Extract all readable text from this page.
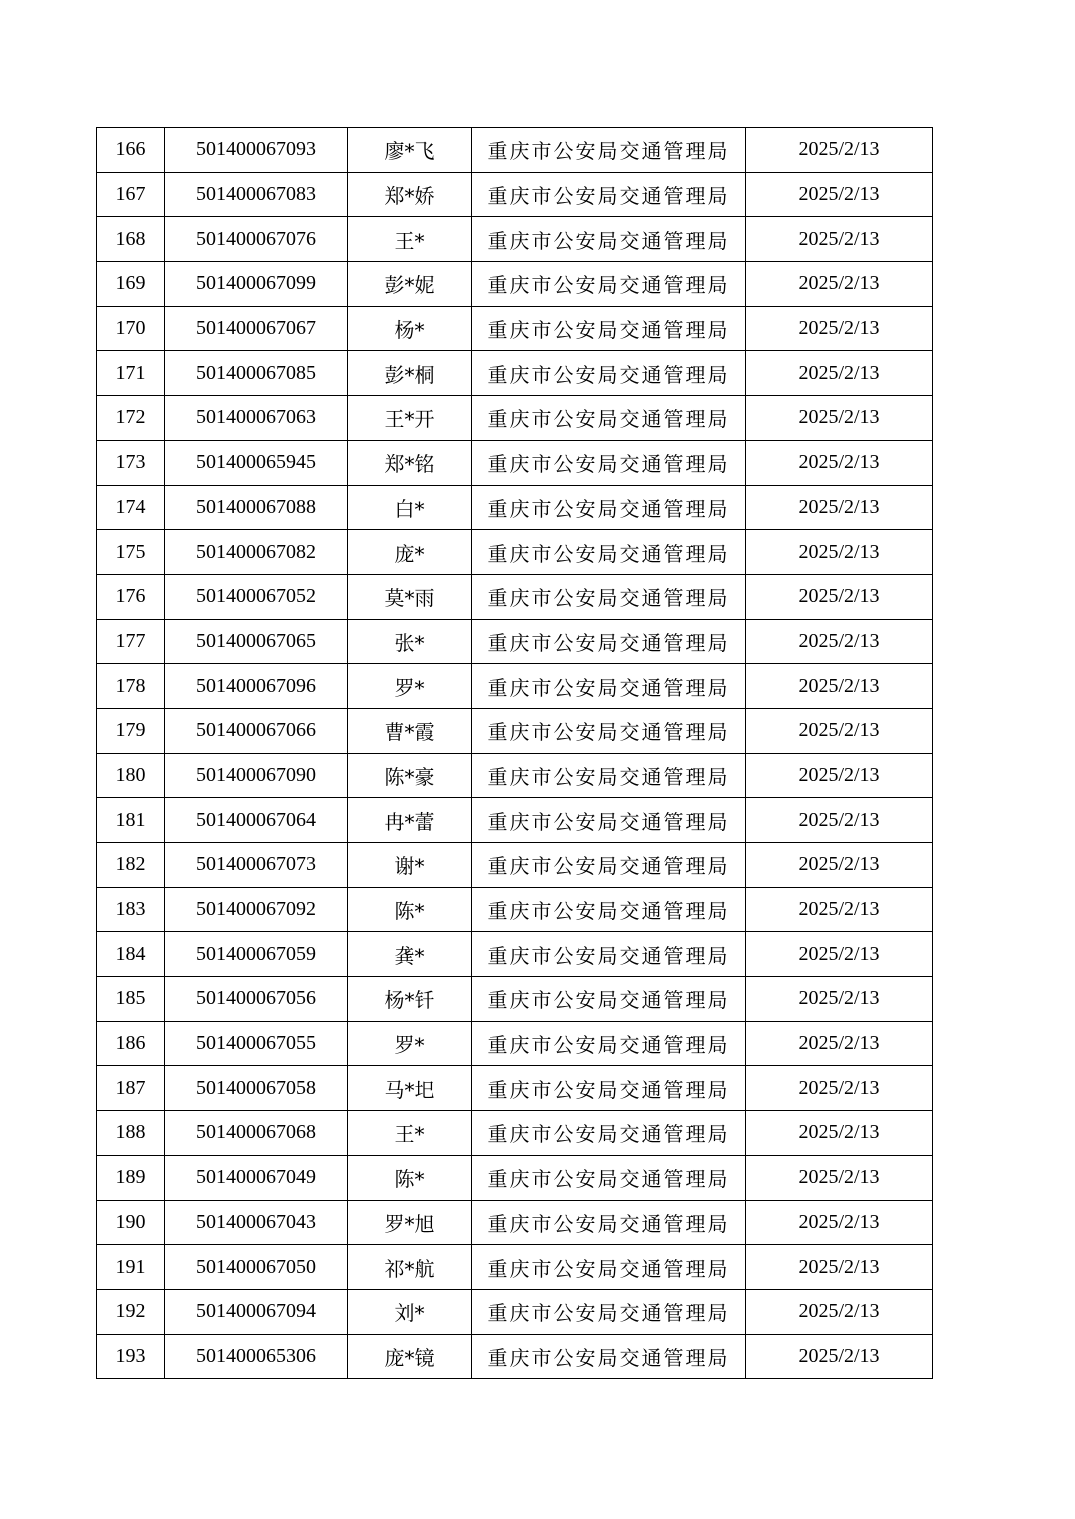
166	501400067093	廖*飞	重庆市公安局交通管理局	2025/2/13
167	501400067083	郑*娇	重庆市公安局交通管理局	2025/2/13
168	501400067076	王*	重庆市公安局交通管理局	2025/2/13
169	501400067099	彭*妮	重庆市公安局交通管理局	2025/2/13
170	501400067067	杨*	重庆市公安局交通管理局	2025/2/13
171	501400067085	彭*桐	重庆市公安局交通管理局	2025/2/13
172	501400067063	王*开	重庆市公安局交通管理局	2025/2/13
173	501400065945	郑*铭	重庆市公安局交通管理局	2025/2/13
174	501400067088	白*	重庆市公安局交通管理局	2025/2/13
175	501400067082	庞*	重庆市公安局交通管理局	2025/2/13
176	501400067052	莫*雨	重庆市公安局交通管理局	2025/2/13
177	501400067065	张*	重庆市公安局交通管理局	2025/2/13
178	501400067096	罗*	重庆市公安局交通管理局	2025/2/13
179	501400067066	曹*霞	重庆市公安局交通管理局	2025/2/13
180	501400067090	陈*豪	重庆市公安局交通管理局	2025/2/13
181	501400067064	冉*蕾	重庆市公安局交通管理局	2025/2/13
182	501400067073	谢*	重庆市公安局交通管理局	2025/2/13
183	501400067092	陈*	重庆市公安局交通管理局	2025/2/13
184	501400067059	龚*	重庆市公安局交通管理局	2025/2/13
185	501400067056	杨*钎	重庆市公安局交通管理局	2025/2/13
186	501400067055	罗*	重庆市公安局交通管理局	2025/2/13
187	501400067058	马*圯	重庆市公安局交通管理局	2025/2/13
188	501400067068	王*	重庆市公安局交通管理局	2025/2/13
189	501400067049	陈*	重庆市公安局交通管理局	2025/2/13
190	501400067043	罗*旭	重庆市公安局交通管理局	2025/2/13
191	501400067050	祁*航	重庆市公安局交通管理局	2025/2/13
192	501400067094	刘*	重庆市公安局交通管理局	2025/2/13
193	501400065306	庞*镜	重庆市公安局交通管理局	2025/2/13
